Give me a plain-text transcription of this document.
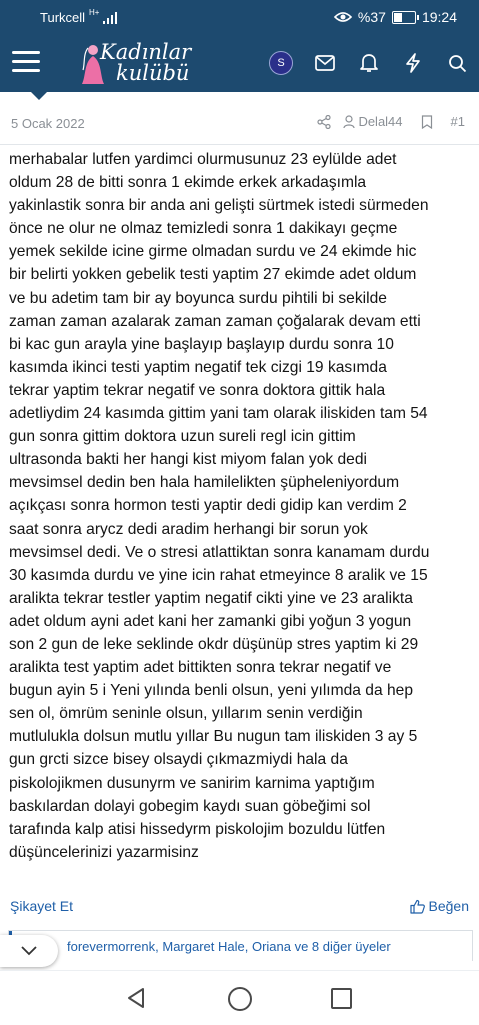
Turkcell H+	%37	19:24
Kadınlar
kulübü	S
5 Ocak 2022	Delal44	#1
merhabalar lutfen yardimci olurmusunuz 23 eylülde adet
oldum 28 de bitti sonra 1 ekimde erkek arkadaşımla
yakinlastik sonra bir anda ani gelişti sürtmek istedi sürmeden
önce ne olur ne olmaz temizledi sonra 1 dakikayı geçme
yemek sekilde icine girme olmadan surdu ve 24 ekimde hic
bir belirti yokken gebelik testi yaptim 27 ekimde adet oldum
ve bu adetim tam bir ay boyunca surdu pihtili bi sekilde
zaman zaman azalarak zaman zaman çoğalarak devam etti
bi kac gun arayla yine başlayıp başlayıp durdu sonra 10
kasımda ikinci testi yaptim negatif tek cizgi 19 kasımda
tekrar yaptim tekrar negatif ve sonra doktora gittik hala
adetliydim 24 kasımda gittim yani tam olarak iliskiden tam 54
gun sonra gittim doktora uzun sureli regl icin gittim
ultrasonda bakti her hangi kist miyom falan yok dedi
mevsimsel dedin ben hala hamilelikten şüpheleniyordum
açıkçası sonra hormon testi yaptir dedi gidip kan verdim 2
saat sonra arycz dedi aradim herhangi bir sorun yok
mevsimsel dedi. Ve o stresi atlattiktan sonra kanamam durdu
30 kasımda durdu ve yine icin rahat etmeyince 8 aralik ve 15
aralikta tekrar testler yaptim negatif cikti yine ve 23 aralikta
adet oldum ayni adet kani her zamanki gibi yoğun 3 yogun
son 2 gun de leke seklinde okdr düşünüp stres yaptim ki 29
aralikta test yaptim adet bittikten sonra tekrar negatif ve
bugun ayin 5 i Yeni yılında benli olsun, yeni yılımda da hep
sen ol, ömrüm seninle olsun, yıllarım senin verdiğin
mutlulukla dolsun mutlu yıllar Bu nugun tam iliskiden 3 ay 5
gun grcti sizce bisey olsaydi çıkmazmiydi hala da
piskolojikmen dusunyrm ve sanirim karnima yaptığım
baskılardan dolayi gobegim kaydı suan göbeğimi sol
tarafında kalp atisi hissedyrm piskolojim bozuldu lütfen
düşüncelerinizi yazarmisinz
Şikayet Et	Beğen
forevermorrenk, Margaret Hale, Oriana ve 8 diğer üyeler
